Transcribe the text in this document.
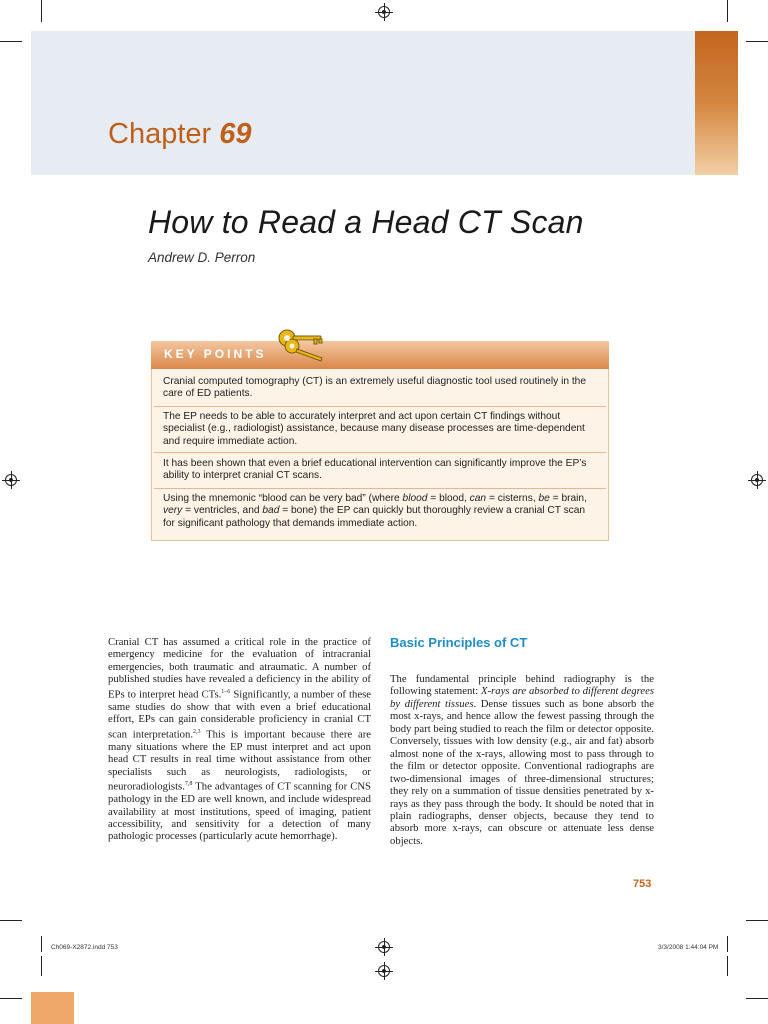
Chapter 69
How to Read a Head CT Scan
Andrew D. Perron
KEY POINTS
Cranial computed tomography (CT) is an extremely useful diagnostic tool used routinely in the care of ED patients.
The EP needs to be able to accurately interpret and act upon certain CT findings without specialist (e.g., radiologist) assistance, because many disease processes are time-dependent and require immediate action.
It has been shown that even a brief educational intervention can significantly improve the EP’s ability to interpret cranial CT scans.
Using the mnemonic “blood can be very bad” (where blood = blood, can = cisterns, be = brain, very = ventricles, and bad = bone) the EP can quickly but thoroughly review a cranial CT scan for significant pathology that demands immediate action.

Cranial CT has assumed a critical role in the practice of emergency medicine for the evaluation of intracranial emergencies, both traumatic and atraumatic. A number of published studies have revealed a deficiency in the ability of EPs to interpret head CTs.$^{1-6}$ Significantly, a number of these same studies do show that with even a brief educational effort, EPs can gain considerable proficiency in cranial CT scan interpretation.$^{2,3}$ This is important because there are many situations where the EP must interpret and act upon head CT results in real time without assistance from other specialists such as neurologists, radiologists, or neuroradiologists.$^{7,8}$ The advantages of CT scanning for CNS pathology in the ED are well known, and include widespread availability at most institutions, speed of imaging, patient accessibility, and sensitivity for a detection of many pathologic processes (particularly acute hemorrhage).

Basic Principles of CT

The fundamental principle behind radiography is the following statement: X-rays are absorbed to different degrees by different tissues. Dense tissues such as bone absorb the most x-rays, and hence allow the fewest passing through the body part being studied to reach the film or detector opposite. Conversely, tissues with low density (e.g., air and fat) absorb almost none of the x-rays, allowing most to pass through to the film or detector opposite. Conventional radiographs are two-dimensional images of three-dimensional structures; they rely on a summation of tissue densities penetrated by x-rays as they pass through the body. It should be noted that in plain radiographs, denser objects, because they tend to absorb more x-rays, can obscure or attenuate less dense objects.

753
Ch069-X2872.indd 753	3/3/2008 1:44:04 PM
